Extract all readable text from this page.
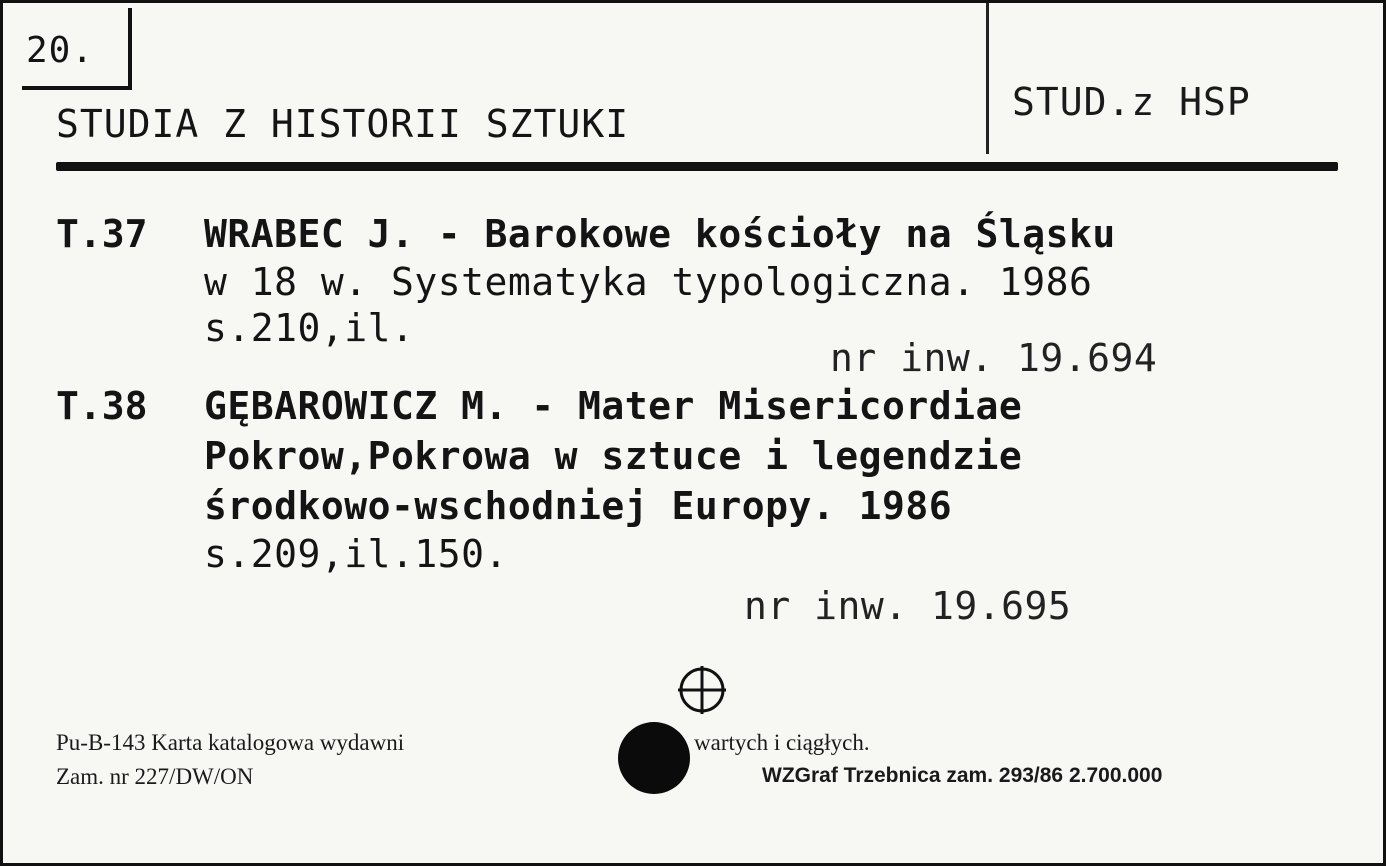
20.
STUDIA Z HISTORII SZTUKI	STUD.z HSP
T.37 WRABEC J. - Barokowe kościoły na Śląsku
w 18 w. Systematyka typologiczna. 1986
s.210,il.
nr inw. 19.694
T.38 GĘBAROWICZ M. - Mater Misericordiae
Pokrow,Pokrowa w sztuce i legendzie
środkowo-wschodniej Europy. 1986
s.209,il.150.
nr inw. 19.695
Pu-B-143 Karta katalogowa wydawni	wartych i ciągłych.
Zam. nr 227/DW/ON	WZGraf Trzebnica zam. 293/86 2.700.000
